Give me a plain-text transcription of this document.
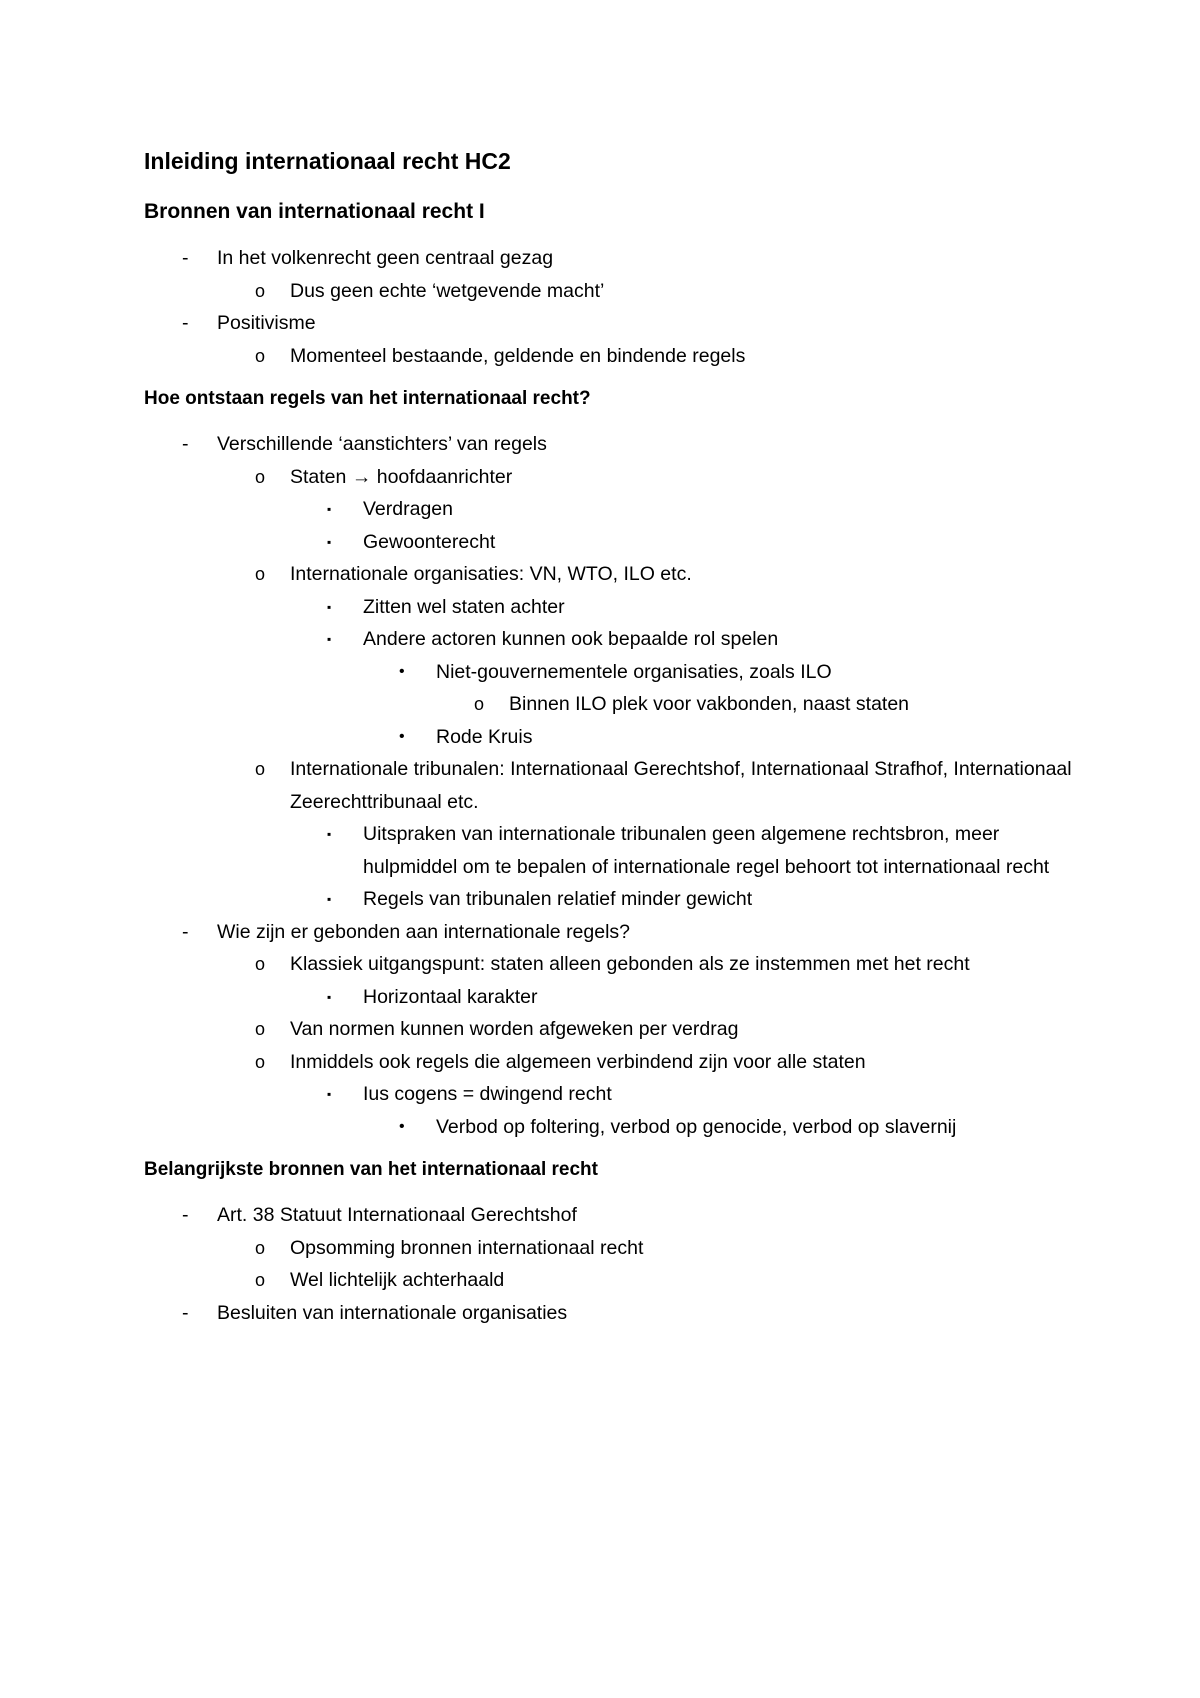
Inleiding internationaal recht HC2
Bronnen van internationaal recht I
-	In het volkenrecht geen centraal gezag
o	Dus geen echte ‘wetgevende macht’
-	Positivisme
o	Momenteel bestaande, geldende en bindende regels
Hoe ontstaan regels van het internationaal recht?
-	Verschillende ‘aanstichters’ van regels
o	Staten → hoofdaanrichter
▪	Verdragen
▪	Gewoonterecht
o	Internationale organisaties: VN, WTO, ILO etc.
▪	Zitten wel staten achter
▪	Andere actoren kunnen ook bepaalde rol spelen
•	Niet-gouvernementele organisaties, zoals ILO
o	Binnen ILO plek voor vakbonden, naast staten
•	Rode Kruis
o	Internationale tribunalen: Internationaal Gerechtshof, Internationaal Strafhof, Internationaal Zeerechttribunaal etc.
▪	Uitspraken van internationale tribunalen geen algemene rechtsbron, meer hulpmiddel om te bepalen of internationale regel behoort tot internationaal recht
▪	Regels van tribunalen relatief minder gewicht
-	Wie zijn er gebonden aan internationale regels?
o	Klassiek uitgangspunt: staten alleen gebonden als ze instemmen met het recht
▪	Horizontaal karakter
o	Van normen kunnen worden afgeweken per verdrag
o	Inmiddels ook regels die algemeen verbindend zijn voor alle staten
▪	Ius cogens = dwingend recht
•	Verbod op foltering, verbod op genocide, verbod op slavernij
Belangrijkste bronnen van het internationaal recht
-	Art. 38 Statuut Internationaal Gerechtshof
o	Opsomming bronnen internationaal recht
o	Wel lichtelijk achterhaald
-	Besluiten van internationale organisaties
